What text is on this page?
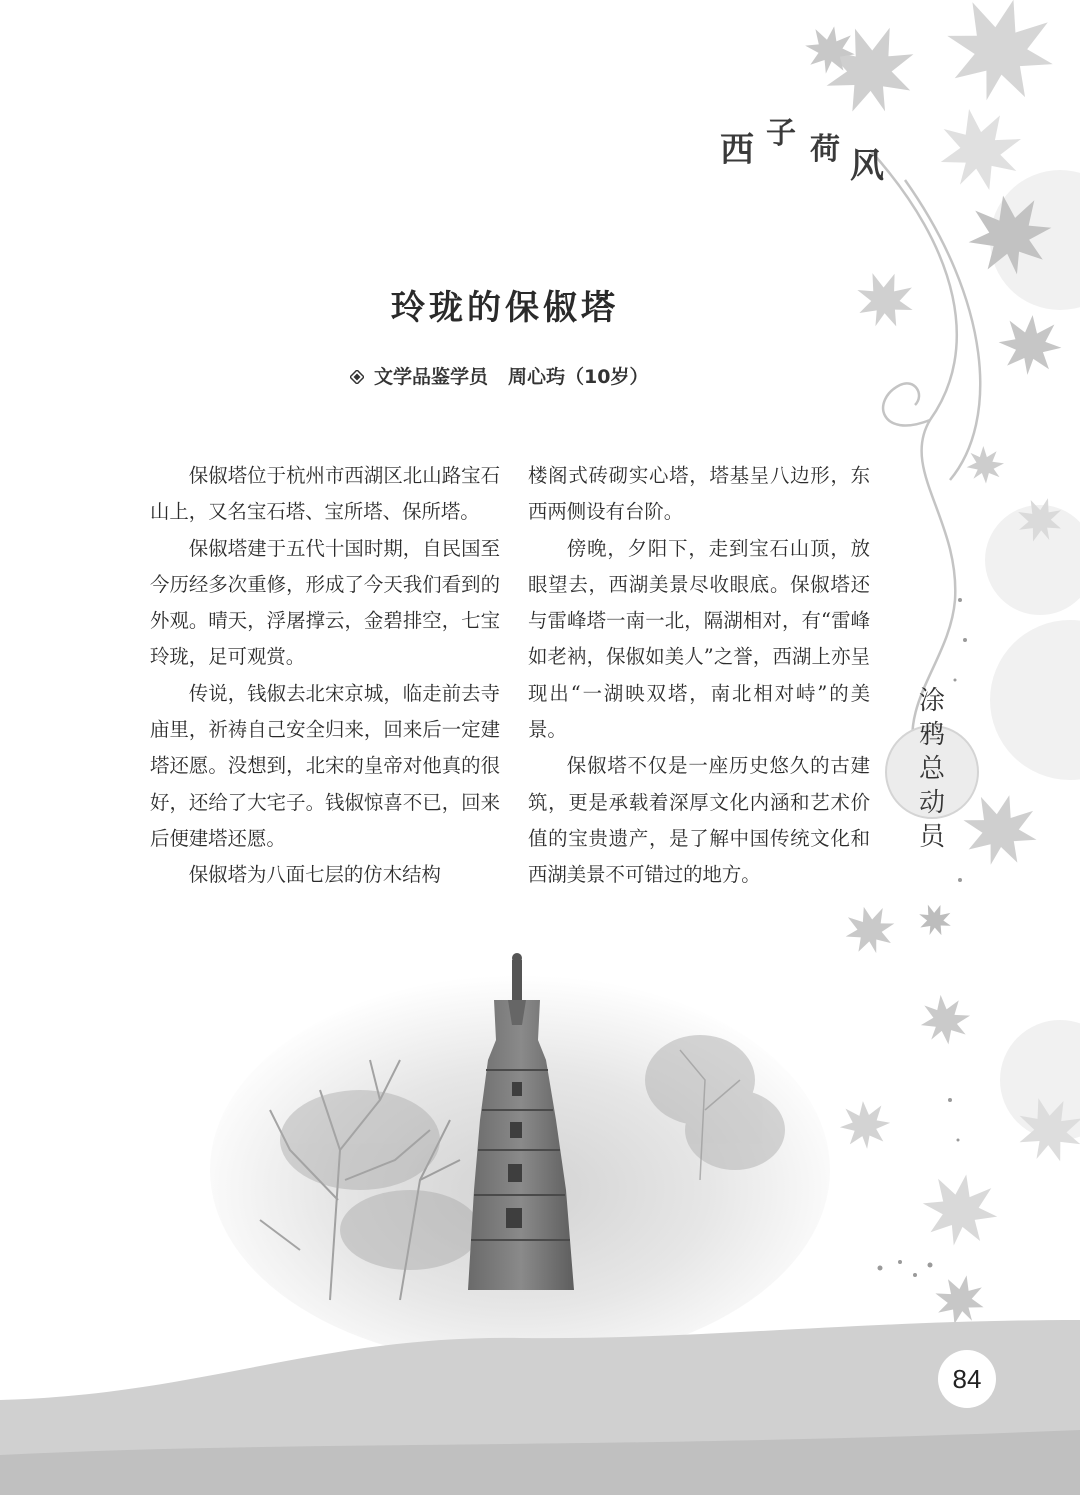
西 子 荷 风
玲珑的保俶塔
文学品鉴学员 周心玙（10岁）

保俶塔位于杭州市西湖区北山路宝石山上，又名宝石塔、宝所塔、保所塔。

保俶塔建于五代十国时期，自民国至今历经多次重修，形成了今天我们看到的外观。晴天，浮屠撑云，金碧排空，七宝玲珑，足可观赏。

传说，钱俶去北宋京城，临走前去寺庙里，祈祷自己安全归来，回来后一定建塔还愿。没想到，北宋的皇帝对他真的很好，还给了大宅子。钱俶惊喜不已，回来后便建塔还愿。

保俶塔为八面七层的仿木结构

楼阁式砖砌实心塔，塔基呈八边形，东西两侧设有台阶。

傍晚，夕阳下，走到宝石山顶，放眼望去，西湖美景尽收眼底。保俶塔还与雷峰塔一南一北，隔湖相对，有“雷峰如老衲，保俶如美人”之誉，西湖上亦呈现出“一湖映双塔，南北相对峙”的美景。

保俶塔不仅是一座历史悠久的古建筑，更是承载着深厚文化内涵和艺术价值的宝贵遗产，是了解中国传统文化和西湖美景不可错过的地方。

涂
鸦
总
动
员
84
